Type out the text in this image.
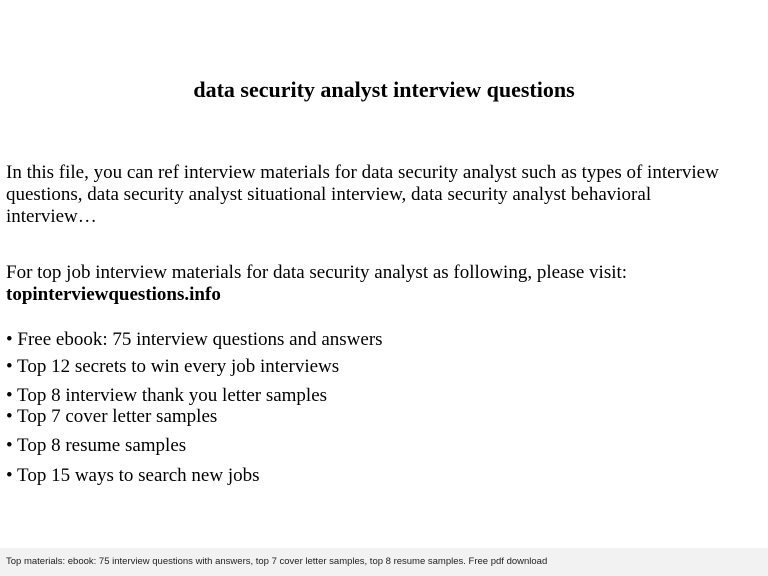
data security analyst interview questions
In this file, you can ref interview materials for data security analyst such as types of interview questions, data security analyst situational interview, data security analyst behavioral interview…
For top job interview materials for data security analyst as following, please visit:
topinterviewquestions.info
• Free ebook: 75 interview questions and answers
• Top 12 secrets to win every job interviews
• Top 8 interview thank you letter samples
• Top 7 cover letter samples
• Top 8 resume samples
• Top 15 ways to search new jobs
Top materials: ebook: 75 interview questions with answers, top 7 cover letter samples, top 8 resume samples. Free pdf download
